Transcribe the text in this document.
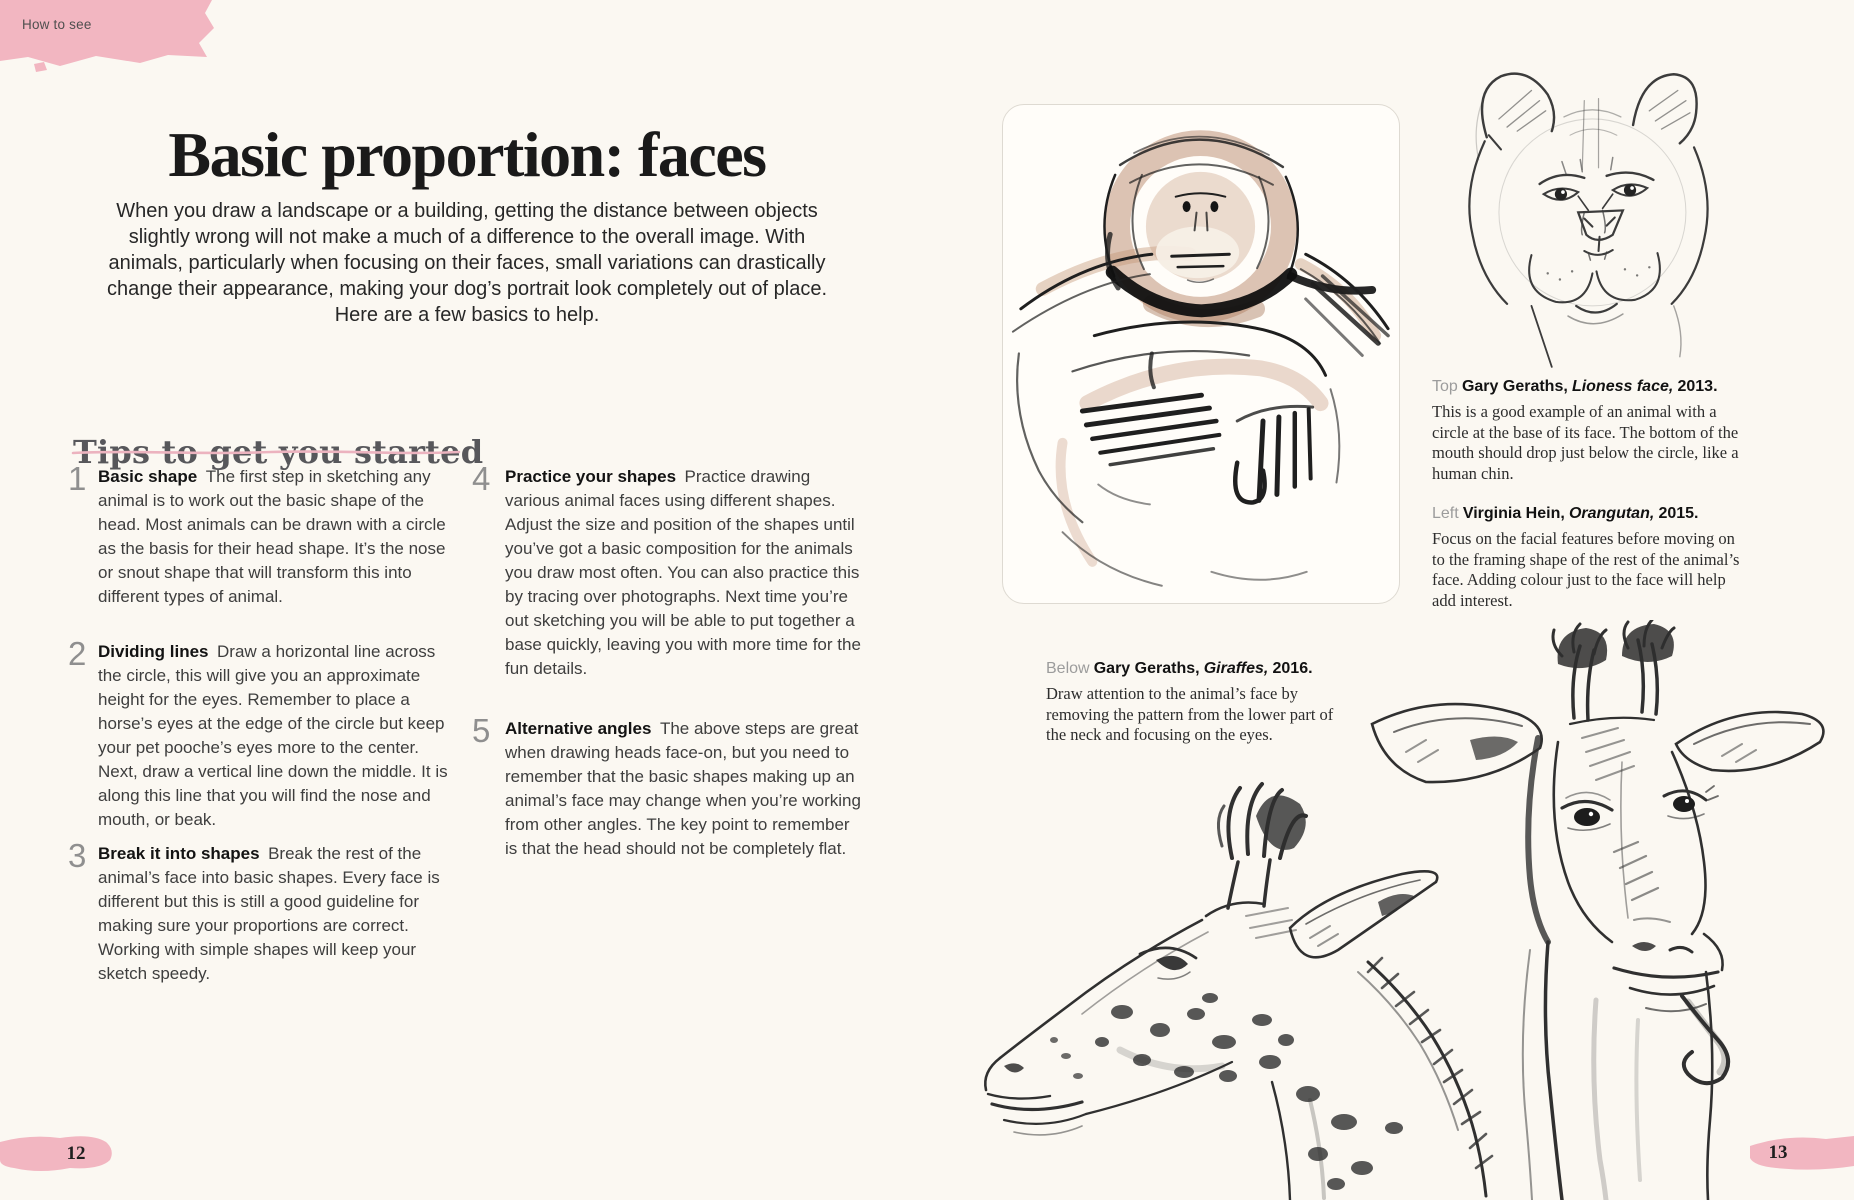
How to see
Basic proportion: faces

When you draw a landscape or a building, getting the distance between objects slightly wrong will not make a much of a difference to the overall image. With animals, particularly when focusing on their faces, small variations can drastically change their appearance, making your dog’s portrait look completely out of place. Here are a few basics to help.

Tips to get you started
1 Basic shape The first step in sketching any animal is to work out the basic shape of the head. Most animals can be drawn with a circle as the basis for their head shape. It’s the nose or snout shape that will transform this into different types of animal.
2 Dividing lines Draw a horizontal line across the circle, this will give you an approximate height for the eyes. Remember to place a horse’s eyes at the edge of the circle but keep your pet pooche’s eyes more to the center. Next, draw a vertical line down the middle. It is along this line that you will find the nose and mouth, or beak.
3 Break it into shapes Break the rest of the animal’s face into basic shapes. Every face is different but this is still a good guideline for making sure your proportions are correct. Working with simple shapes will keep your sketch speedy.
4 Practice your shapes Practice drawing various animal faces using different shapes. Adjust the size and position of the shapes until you’ve got a basic composition for the animals you draw most often. You can also practice this by tracing over photographs. Next time you’re out sketching you will be able to put together a base quickly, leaving you with more time for the fun details.
5 Alternative angles The above steps are great when drawing heads face-on, but you need to remember that the basic shapes making up an animal’s face may change when you’re working from other angles. The key point to remember is that the head should not be completely flat.
Top Gary Geraths, Lioness face, 2013.
This is a good example of an animal with a circle at the base of its face. The bottom of the mouth should drop just below the circle, like a human chin.
Left Virginia Hein, Orangutan, 2015.
Focus on the facial features before moving on to the framing shape of the rest of the animal’s face. Adding colour just to the face will help add interest.
Below Gary Geraths, Giraffes, 2016.
Draw attention to the animal’s face by removing the pattern from the lower part of the neck and focusing on the eyes.
12	13
